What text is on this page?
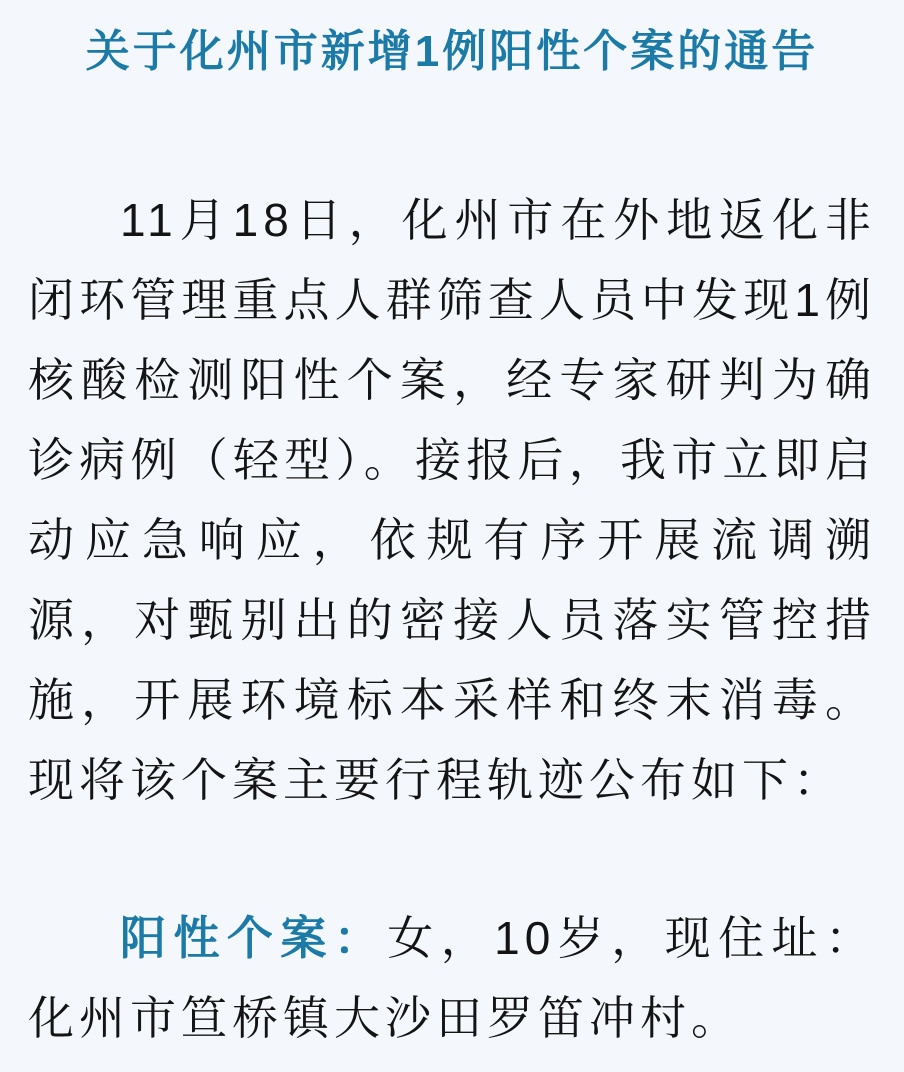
关于化州市新增1例阳性个案的通告

11月18日，化州市在外地返化非闭环管理重点人群筛查人员中发现1例核酸检测阳性个案，经专家研判为确诊病例（轻型）。接报后，我市立即启动应急响应，依规有序开展流调溯源，对甄别出的密接人员落实管控措施，开展环境标本采样和终末消毒。现将该个案主要行程轨迹公布如下：

阳性个案：女，10岁，现住址：化州市笪桥镇大沙田罗笛冲村。
